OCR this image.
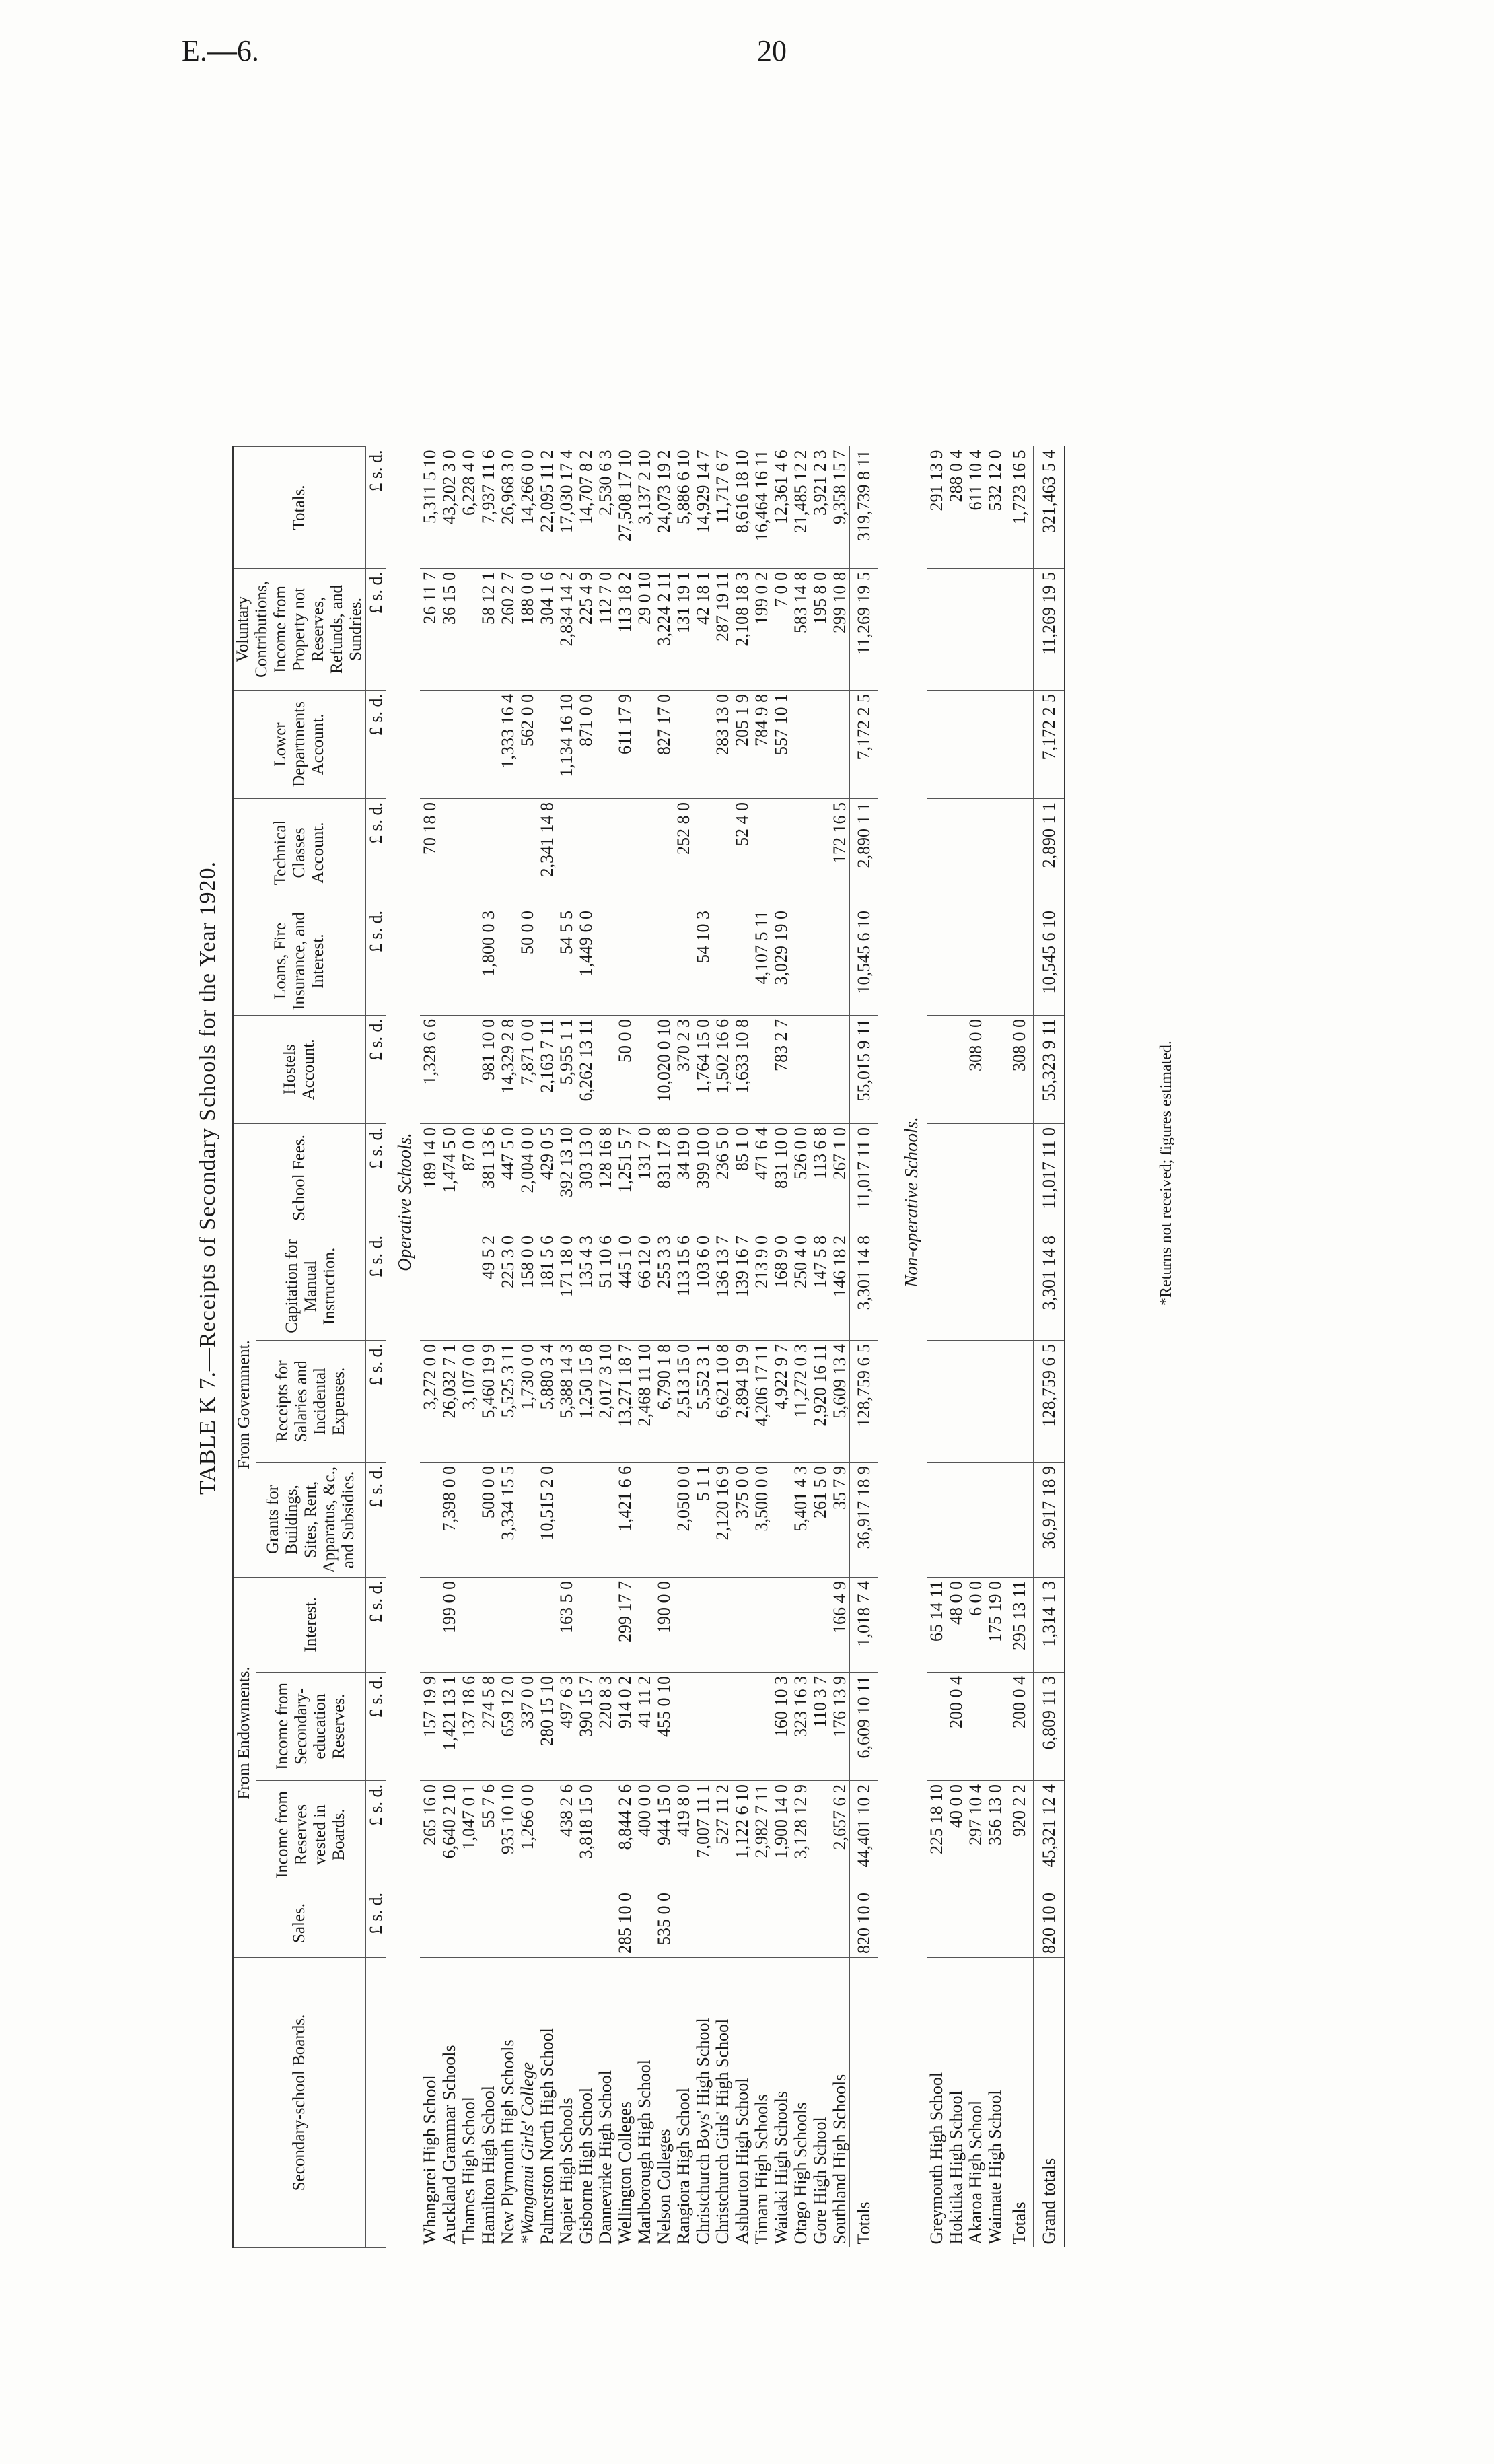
E.—6.	20
TABLE K 7.—Receipts of Secondary Schools for the Year 1920.
Secondary-school Boards.	Sales.	From Endowments.			From Government.			School Fees.	Hostels Account.	Loans, Fire Insurance, and Interest.	Technical Classes Account.	Lower Departments Account.	Voluntary Contributions, Income from Property not Reserves, Refunds, and Sundries.	Totals.
		Income from Reserves vested in Boards.	Income from Secondary-education Reserves.	Interest.	Grants for Buildings, Sites, Rent, Apparatus, &c., and Subsidies.	Receipts for Salaries and Incidental Expenses.	Capitation for Manual Instruction.							
	£ s. d.	£ s. d.	£ s. d.	£ s. d.	£ s. d.	£ s. d.	£ s. d.	£ s. d.	£ s. d.	£ s. d.	£ s. d.	£ s. d.	£ s. d.	£ s. d.
	Operative Schools.													
Whangarei High School		265 16 0	157 19 9			3,272 0 0		189 14 0	1,328 6 6		70 18 0		26 11 7	5,311 5 10
Auckland Grammar Schools		6,640 2 10	1,421 13 1	199 0 0	7,398 0 0	26,032 7 1		1,474 5 0					36 15 0	43,202 3 0
Thames High School		1,047 0 1	137 18 6			3,107 0 0		87 0 0						6,228 4 0
Hamilton High School		55 7 6	274 5 8		500 0 0	5,460 19 9	49 5 2	381 13 6	981 10 0	1,800 0 3			58 12 1	7,937 11 6
New Plymouth High Schools		935 10 10	659 12 0		3,334 15 5	5,525 3 11	225 3 0	447 5 0	14,329 2 8			1,333 16 4	260 2 7	26,968 3 0
*Wanganui Girls' College		1,266 0 0	337 0 0			1,730 0 0	158 0 0	2,004 0 0	7,871 0 0	50 0 0		562 0 0	188 0 0	14,266 0 0
Palmerston North High School			280 15 10		10,515 2 0	5,880 3 4	181 5 6	429 0 5	2,163 7 11		2,341 14 8		304 1 6	22,095 11 2
Napier High Schools		438 2 6	497 6 3	163 5 0		5,388 14 3	171 18 0	392 13 10	5,955 1 1	54 5 5		1,134 16 10	2,834 14 2	17,030 17 4
Gisborne High School		3,818 15 0	390 15 7			1,250 15 8	135 4 3	303 13 0	6,262 13 11	1,449 6 0		871 0 0	225 4 9	14,707 8 2
Dannevirke High School			220 8 3			2,017 3 10	51 10 6	128 16 8					112 7 0	2,530 6 3
Wellington Colleges	285 10 0	8,844 2 6	914 0 2	299 17 7	1,421 6 6	13,271 18 7	445 1 0	1,251 5 7	50 0 0			611 17 9	113 18 2	27,508 17 10
Marlborough High School		400 0 0	41 11 2			2,468 11 10	66 12 0	131 7 0					29 0 10	3,137 2 10
Nelson Colleges	535 0 0	944 15 0	455 0 10	190 0 0		6,790 1 8	255 3 3	831 17 8	10,020 0 10			827 17 0	3,224 2 11	24,073 19 2
Rangiora High School		419 8 0			2,050 0 0	2,513 15 0	113 15 6	34 19 0	370 2 3		252 8 0		131 19 1	5,886 6 10
Christchurch Boys' High School		7,007 11 1			5 1 1	5,552 3 1	103 6 0	399 10 0	1,764 15 0	54 10 3			42 18 1	14,929 14 7
Christchurch Girls' High School		527 11 2			2,120 16 9	6,621 10 8	136 13 7	236 5 0	1,502 16 6			283 13 0	287 19 11	11,717 6 7
Ashburton High School		1,122 6 10			375 0 0	2,894 19 9	139 16 7	85 1 0	1,633 10 8		52 4 0	205 1 9	2,108 18 3	8,616 18 10
Timaru High Schools		2,982 7 11			3,500 0 0	4,206 17 11	213 9 0	471 6 4		4,107 5 11		784 9 8	199 0 2	16,464 16 11
Waitaki High Schools		1,900 14 0	160 10 3			4,922 9 7	168 9 0	831 10 0	783 2 7	3,029 19 0		557 10 1	7 0 0	12,361 4 6
Otago High Schools		3,128 12 9	323 16 3		5,401 4 3	11,272 0 3	250 4 0	526 0 0					583 14 8	21,485 12 2
Gore High School			110 3 7		261 5 0	2,920 16 11	147 5 8	113 6 8					195 8 0	3,921 2 3
Southland High Schools		2,657 6 2	176 13 9	166 4 9	35 7 9	5,609 13 4	146 18 2	267 1 0			172 16 5		299 10 8	9,358 15 7
Totals	820 10 0	44,401 10 2	6,609 10 11	1,018 7 4	36,917 18 9	128,759 6 5	3,301 14 8	11,017 11 0	55,015 9 11	10,545 6 10	2,890 1 1	7,172 2 5	11,269 19 5	319,739 8 11

	Non-operative Schools.													
Greymouth High School		225 18 10		65 14 11										291 13 9
Hokitika High School		40 0 0	200 0 4	48 0 0										288 0 4
Akaroa High School		297 10 4		6 0 0					308 0 0					611 10 4
Waimate High School		356 13 0		175 19 0										532 12 0
Totals		920 2 2	200 0 4	295 13 11					308 0 0					1,723 16 5
Grand totals	820 10 0	45,321 12 4	6,809 11 3	1,314 1 3	36,917 18 9	128,759 6 5	3,301 14 8	11,017 11 0	55,323 9 11	10,545 6 10	2,890 1 1	7,172 2 5	11,269 19 5	321,463 5 4
*Returns not received; figures estimated.
